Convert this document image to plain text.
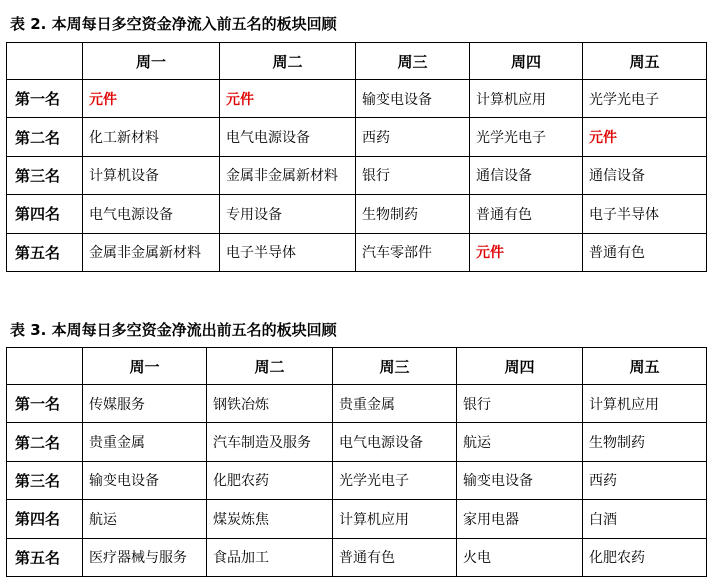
表 2. 本周每日多空资金净流入前五名的板块回顾
	周一	周二	周三	周四	周五
第一名	元件	元件	输变电设备	计算机应用	光学光电子
第二名	化工新材料	电气电源设备	西药	光学光电子	元件
第三名	计算机设备	金属非金属新材料	银行	通信设备	通信设备
第四名	电气电源设备	专用设备	生物制药	普通有色	电子半导体
第五名	金属非金属新材料	电子半导体	汽车零部件	元件	普通有色
表 3. 本周每日多空资金净流出前五名的板块回顾
	周一	周二	周三	周四	周五
第一名	传媒服务	钢铁冶炼	贵重金属	银行	计算机应用
第二名	贵重金属	汽车制造及服务	电气电源设备	航运	生物制药
第三名	输变电设备	化肥农药	光学光电子	输变电设备	西药
第四名	航运	煤炭炼焦	计算机应用	家用电器	白酒
第五名	医疗器械与服务	食品加工	普通有色	火电	化肥农药
